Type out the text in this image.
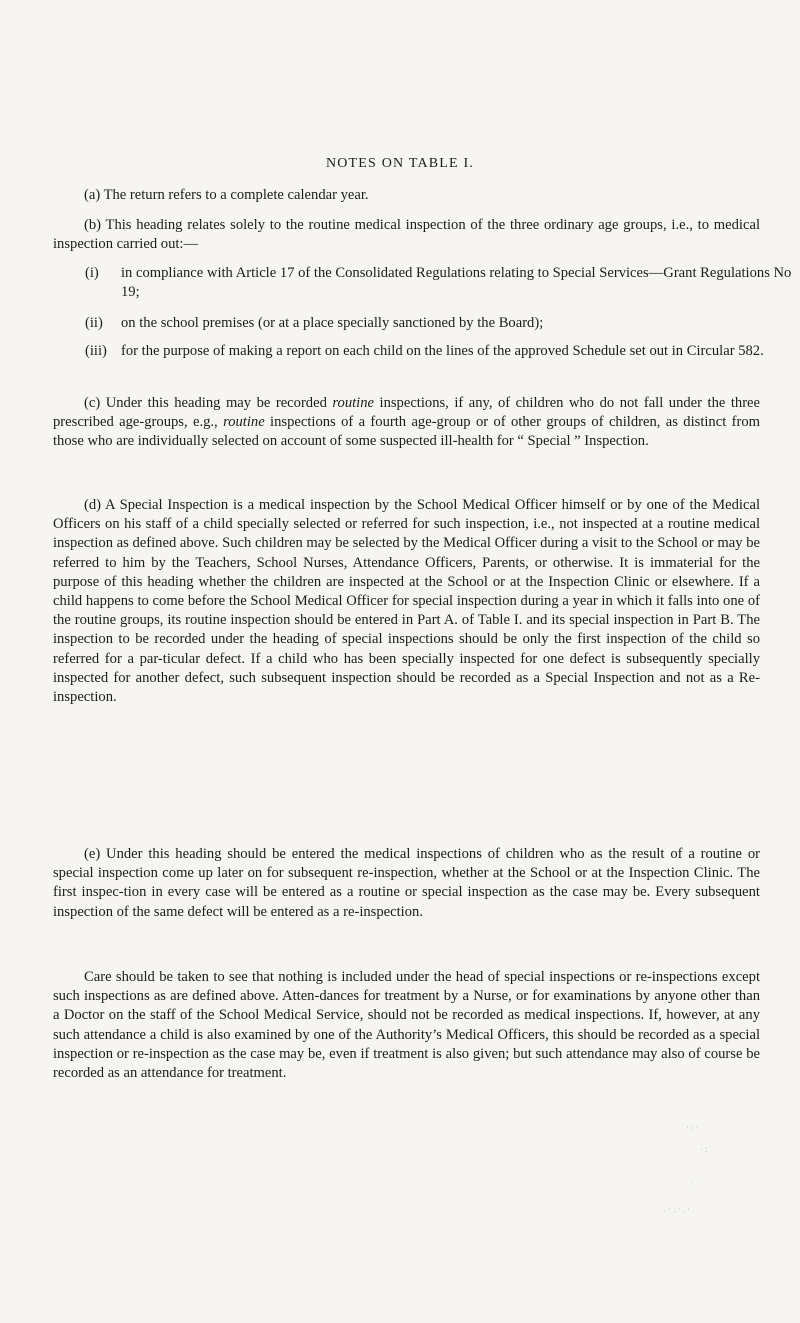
NOTES ON TABLE I.

(a) The return refers to a complete calendar year.

(b) This heading relates solely to the routine medical inspection of the three ordinary age groups, i.e., to medical inspection carried out:—

(i) in compliance with Article 17 of the Consolidated Regulations relating to Special Services—Grant Regulations No 19;

(ii) on the school premises (or at a place specially sanctioned by the Board);

(iii) for the purpose of making a report on each child on the lines of the approved Schedule set out in Circular 582.

(c) Under this heading may be recorded routine inspections, if any, of children who do not fall under the three prescribed age-groups, e.g., routine inspections of a fourth age-group or of other groups of children, as distinct from those who are individually selected on account of some suspected ill-health for “ Special ” Inspection.

(d) A Special Inspection is a medical inspection by the School Medical Officer himself or by one of the Medical Officers on his staff of a child specially selected or referred for such inspection, i.e., not inspected at a routine medical inspection as defined above. Such children may be selected by the Medical Officer during a visit to the School or may be referred to him by the Teachers, School Nurses, Attendance Officers, Parents, or otherwise. It is immaterial for the purpose of this heading whether the children are inspected at the School or at the Inspection Clinic or elsewhere. If a child happens to come before the School Medical Officer for special inspection during a year in which it falls into one of the routine groups, its routine inspection should be entered in Part A. of Table I. and its special inspection in Part B. The inspection to be recorded under the heading of special inspections should be only the first inspection of the child so referred for a par-ticular defect. If a child who has been specially inspected for one defect is subsequently specially inspected for another defect, such subsequent inspection should be recorded as a Special Inspection and not as a Re-inspection.

(e) Under this heading should be entered the medical inspections of children who as the result of a routine or special inspection come up later on for subsequent re-inspection, whether at the School or at the Inspection Clinic. The first inspec-tion in every case will be entered as a routine or special inspection as the case may be. Every subsequent inspection of the same defect will be entered as a re-inspection.

Care should be taken to see that nothing is included under the head of special inspections or re-inspections except such inspections as are defined above. Atten-dances for treatment by a Nurse, or for examinations by anyone other than a Doctor on the staff of the School Medical Service, should not be recorded as medical inspections. If, however, at any such attendance a child is also examined by one of the Authority’s Medical Officers, this should be recorded as a special inspection or re-inspection as the case may be, even if treatment is also given; but such attendance may also of course be recorded as an attendance for treatment.

·:·
·:
· ·
.·:·.·
